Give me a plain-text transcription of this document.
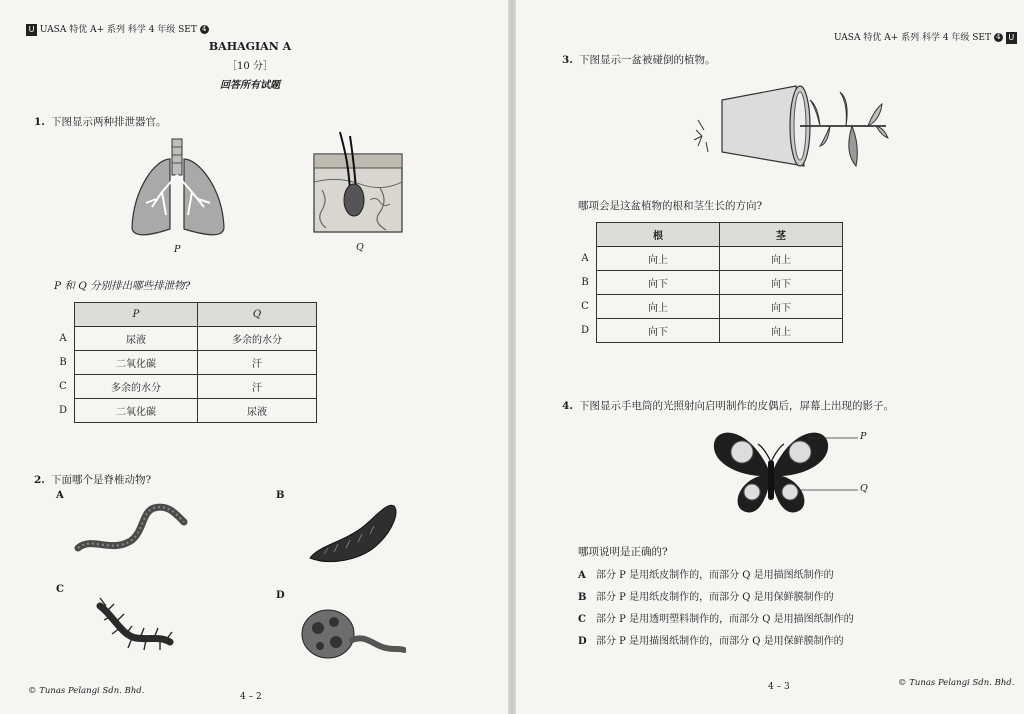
U UASA 特优 A+ 系列 科学 4 年级 SET 4
BAHAGIAN A
［10 分］
回答所有试题
1. 下图显示两种排泄器官。
P	Q
P 和 Q 分别排出哪些排泄物?
	P	Q
A	尿液	多余的水分
B	二氧化碳	汗
C	多余的水分	汗
D	二氧化碳	尿液
2. 下面哪个是脊椎动物?
A	B
C
D
© Tunas Pelangi Sdn. Bhd.
4 – 2
UASA 特优 A+ 系列 科学 4 年级 SET 4 U
3. 下图显示一盆被碰倒的植物。
哪项会是这盆植物的根和茎生长的方向?
	根	茎
A	向上	向上
B	向下	向下
C	向上	向下
D	向下	向上
4. 下图显示手电筒的光照射向启明制作的皮偶后，屏幕上出现的影子。
P
Q
哪项说明是正确的?
A 部分 P 是用纸皮制作的，而部分 Q 是用描图纸制作的
B 部分 P 是用纸皮制作的，而部分 Q 是用保鲜膜制作的
C 部分 P 是用透明塑料制作的，而部分 Q 是用描图纸制作的
D 部分 P 是用描图纸制作的，而部分 Q 是用保鲜膜制作的
4 – 3	© Tunas Pelangi Sdn. Bhd.
